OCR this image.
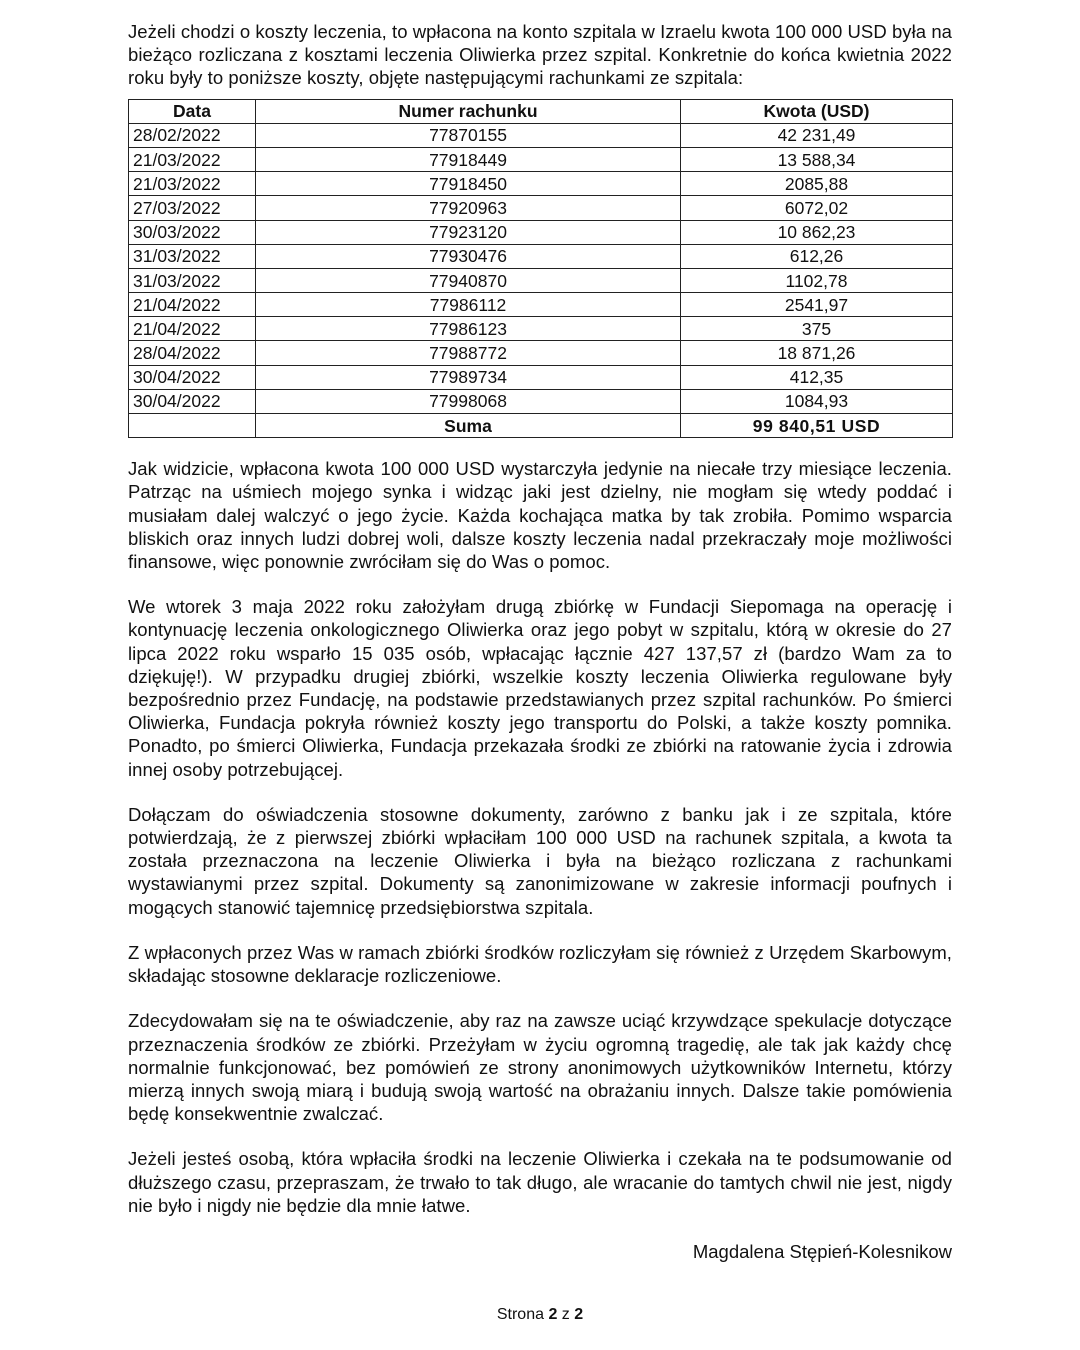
Jeżeli chodzi o koszty leczenia, to wpłacona na konto szpitala w Izraelu kwota 100 000 USD była na bieżąco rozliczana z kosztami leczenia Oliwierka przez szpital. Konkretnie do końca kwietnia 2022 roku były to poniższe koszty, objęte następującymi rachunkami ze szpitala:

Data	Numer rachunku	Kwota (USD)
28/02/2022	77870155	42 231,49
21/03/2022	77918449	13 588,34
21/03/2022	77918450	2085,88
27/03/2022	77920963	6072,02
30/03/2022	77923120	10 862,23
31/03/2022	77930476	612,26
31/03/2022	77940870	1102,78
21/04/2022	77986112	2541,97
21/04/2022	77986123	375
28/04/2022	77988772	18 871,26
30/04/2022	77989734	412,35
30/04/2022	77998068	1084,93
	Suma	99 840,51 USD

Jak widzicie, wpłacona kwota 100 000 USD wystarczyła jedynie na niecałe trzy miesiące leczenia. Patrząc na uśmiech mojego synka i widząc jaki jest dzielny, nie mogłam się wtedy poddać i musiałam dalej walczyć o jego życie. Każda kochająca matka by tak zrobiła. Pomimo wsparcia bliskich oraz innych ludzi dobrej woli, dalsze koszty leczenia nadal przekraczały moje możliwości finansowe, więc ponownie zwróciłam się do Was o pomoc.

We wtorek 3 maja 2022 roku założyłam drugą zbiórkę w Fundacji Siepomaga na operację i kontynuację leczenia onkologicznego Oliwierka oraz jego pobyt w szpitalu, którą w okresie do 27 lipca 2022 roku wsparło 15 035 osób, wpłacając łącznie 427 137,57 zł (bardzo Wam za to dziękuję!). W przypadku drugiej zbiórki, wszelkie koszty leczenia Oliwierka regulowane były bezpośrednio przez Fundację, na podstawie przedstawianych przez szpital rachunków. Po śmierci Oliwierka, Fundacja pokryła również koszty jego transportu do Polski, a także koszty pomnika. Ponadto, po śmierci Oliwierka, Fundacja przekazała środki ze zbiórki na ratowanie życia i zdrowia innej osoby potrzebującej.

Dołączam do oświadczenia stosowne dokumenty, zarówno z banku jak i ze szpitala, które potwierdzają, że z pierwszej zbiórki wpłaciłam 100 000 USD na rachunek szpitala, a kwota ta została przeznaczona na leczenie Oliwierka i była na bieżąco rozliczana z rachunkami wystawianymi przez szpital. Dokumenty są zanonimizowane w zakresie informacji poufnych i mogących stanowić tajemnicę przedsiębiorstwa szpitala.

Z wpłaconych przez Was w ramach zbiórki środków rozliczyłam się również z Urzędem Skarbowym, składając stosowne deklaracje rozliczeniowe.

Zdecydowałam się na te oświadczenie, aby raz na zawsze uciąć krzywdzące spekulacje dotyczące przeznaczenia środków ze zbiórki. Przeżyłam w życiu ogromną tragedię, ale tak jak każdy chcę normalnie funkcjonować, bez pomówień ze strony anonimowych użytkowników Internetu, którzy mierzą innych swoją miarą i budują swoją wartość na obrażaniu innych. Dalsze takie pomówienia będę konsekwentnie zwalczać.

Jeżeli jesteś osobą, która wpłaciła środki na leczenie Oliwierka i czekała na te podsumowanie od dłuższego czasu, przepraszam, że trwało to tak długo, ale wracanie do tamtych chwil nie jest, nigdy nie było i nigdy nie będzie dla mnie łatwe.

Magdalena Stępień-Kolesnikow
Strona 2 z 2
